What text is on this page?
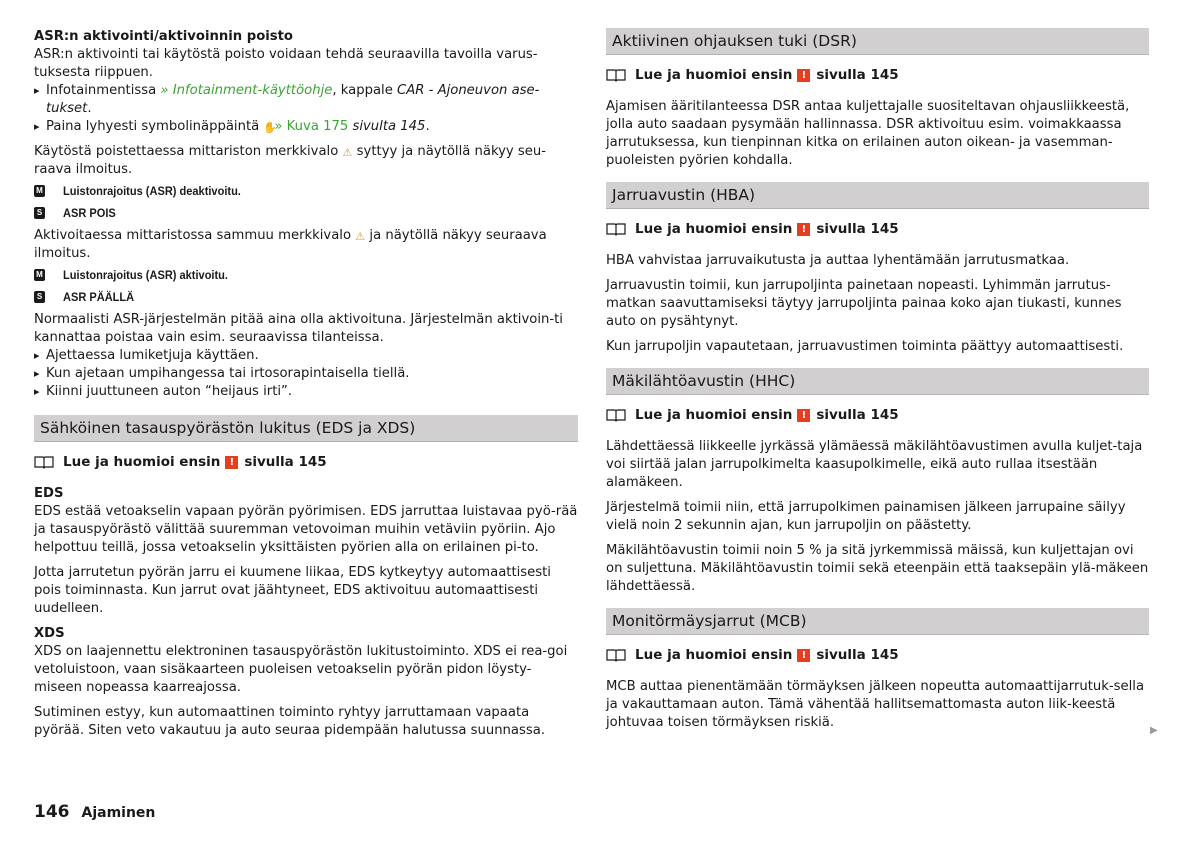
ASR:n aktivointi/aktivoinnin poisto

ASR:n aktivointi tai käytöstä poisto voidaan tehdä seuraavilla tavoilla varus-tuksesta riippuen.

▸ Infotainmentissa » Infotainment-käyttöohje, kappale CAR - Ajoneuvon ase-tukset.
▸ Paina lyhyesti symbolinäppäintä ✋» Kuva 175 sivulta 145.

Käytöstä poistettaessa mittariston merkkivalo ⚠ syttyy ja näytöllä näkyy seu-raava ilmoitus.

M Luistonrajoitus (ASR) deaktivoitu.
S ASR POIS

Aktivoitaessa mittaristossa sammuu merkkivalo ⚠ ja näytöllä näkyy seuraava ilmoitus.

M Luistonrajoitus (ASR) aktivoitu.
S ASR PÄÄLLÄ

Normaalisti ASR-järjestelmän pitää aina olla aktivoituna. Järjestelmän aktivoin-ti kannattaa poistaa vain esim. seuraavissa tilanteissa.

▸ Ajettaessa lumiketjuja käyttäen.
▸ Kun ajetaan umpihangessa tai irtosorapintaisella tiellä.
▸ Kiinni juuttuneen auton “heijaus irti”.
Sähköinen tasauspyörästön lukitus (EDS ja XDS)
Lue ja huomioi ensin ! sivulla 145
EDS

EDS estää vetoakselin vapaan pyörän pyörimisen. EDS jarruttaa luistavaa pyö-rää ja tasauspyörästö välittää suuremman vetovoiman muihin vetäviin pyöriin. Ajo helpottuu teillä, jossa vetoakselin yksittäisten pyörien alla on erilainen pi-to.

Jotta jarrutetun pyörän jarru ei kuumene liikaa, EDS kytkeytyy automaattisesti pois toiminnasta. Kun jarrut ovat jäähtyneet, EDS aktivoituu automaattisesti uudelleen.

XDS

XDS on laajennettu elektroninen tasauspyörästön lukitustoiminto. XDS ei rea-goi vetoluistoon, vaan sisäkaarteen puoleisen vetoakselin pyörän pidon löysty-miseen nopeassa kaarreajossa.

Sutiminen estyy, kun automaattinen toiminto ryhtyy jarruttamaan vapaata pyörää. Siten veto vakautuu ja auto seuraa pidempään halutussa suunnassa.

Aktiivinen ohjauksen tuki (DSR)
Lue ja huomioi ensin ! sivulla 145

Ajamisen ääritilanteessa DSR antaa kuljettajalle suositeltavan ohjausliikkeestä, jolla auto saadaan pysymään hallinnassa. DSR aktivoituu esim. voimakkaassa jarrutuksessa, kun tienpinnan kitka on erilainen auton oikean- ja vasemman-puoleisten pyörien kohdalla.

Jarruavustin (HBA)
Lue ja huomioi ensin ! sivulla 145

HBA vahvistaa jarruvaikutusta ja auttaa lyhentämään jarrutusmatkaa.

Jarruavustin toimii, kun jarrupoljinta painetaan nopeasti. Lyhimmän jarrutus-matkan saavuttamiseksi täytyy jarrupoljinta painaa koko ajan tiukasti, kunnes auto on pysähtynyt.

Kun jarrupoljin vapautetaan, jarruavustimen toiminta päättyy automaattisesti.

Mäkilähtöavustin (HHC)
Lue ja huomioi ensin ! sivulla 145

Lähdettäessä liikkeelle jyrkässä ylämäessä mäkilähtöavustimen avulla kuljet-taja voi siirtää jalan jarrupolkimelta kaasupolkimelle, eikä auto rullaa itsestään alamäkeen.

Järjestelmä toimii niin, että jarrupolkimen painamisen jälkeen jarrupaine säilyy vielä noin 2 sekunnin ajan, kun jarrupoljin on päästetty.

Mäkilähtöavustin toimii noin 5 % ja sitä jyrkemmissä mäissä, kun kuljettajan ovi on suljettuna. Mäkilähtöavustin toimii sekä eteenpäin että taaksepäin ylä-mäkeen lähdettäessä.

Monitörmäysjarrut (MCB)
Lue ja huomioi ensin ! sivulla 145

MCB auttaa pienentämään törmäyksen jälkeen nopeutta automaattijarrutuk-sella ja vakauttamaan auton. Tämä vähentää hallitsemattomasta auton liik-keestä johtuvaa toisen törmäyksen riskiä.

▶
146 Ajaminen
